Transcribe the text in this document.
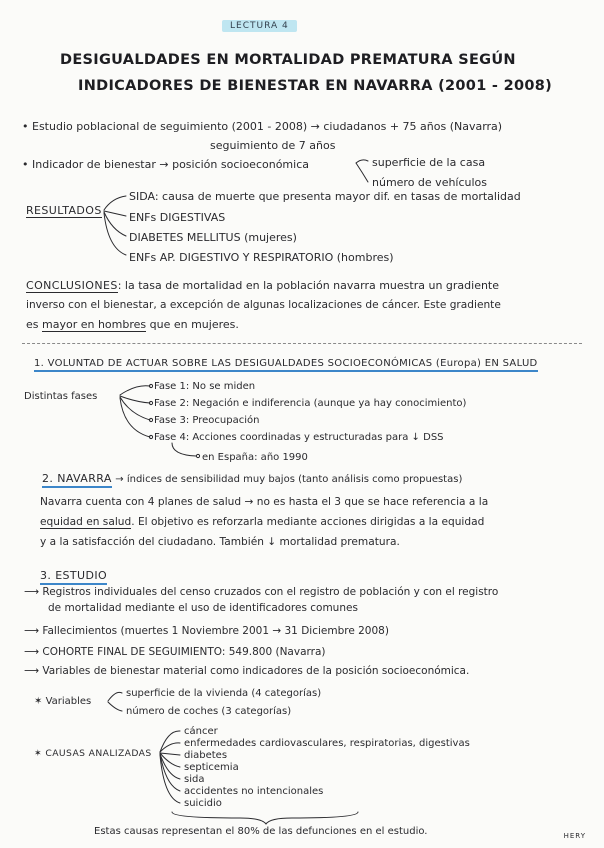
LECTURA 4
DESIGUALDADES EN MORTALIDAD PREMATURA SEGÚN
INDICADORES DE BIENESTAR EN NAVARRA (2001 - 2008)
• Estudio poblacional de seguimiento (2001 - 2008) → ciudadanos + 75 años (Navarra)
seguimiento de 7 años
• Indicador de bienestar → posición socioeconómica	superficie de la casa
número de vehículos
RESULTADOS
SIDA: causa de muerte que presenta mayor dif. en tasas de mortalidad
ENFs DIGESTIVAS
DIABETES MELLITUS (mujeres)
ENFs AP. DIGESTIVO Y RESPIRATORIO (hombres)
CONCLUSIONES: la tasa de mortalidad en la población navarra muestra un gradiente
inverso con el bienestar, a excepción de algunas localizaciones de cáncer. Este gradiente
es mayor en hombres que en mujeres.
1. VOLUNTAD DE ACTUAR SOBRE LAS DESIGUALDADES SOCIOECONÓMICAS (Europa) EN SALUD
Distintas fases
Fase 1: No se miden
Fase 2: Negación e indiferencia (aunque ya hay conocimiento)
Fase 3: Preocupación
Fase 4: Acciones coordinadas y estructuradas para ↓ DSS
en España: año 1990
2. NAVARRA → índices de sensibilidad muy bajos (tanto análisis como propuestas)
Navarra cuenta con 4 planes de salud → no es hasta el 3 que se hace referencia a la
equidad en salud. El objetivo es reforzarla mediante acciones dirigidas a la equidad
y a la satisfacción del ciudadano. También ↓ mortalidad prematura.
3. ESTUDIO
⟶ Registros individuales del censo cruzados con el registro de población y con el registro
de mortalidad mediante el uso de identificadores comunes
⟶ Fallecimientos (muertes 1 Noviembre 2001 → 31 Diciembre 2008)
⟶ COHORTE FINAL DE SEGUIMIENTO: 549.800 (Navarra)
⟶ Variables de bienestar material como indicadores de la posición socioeconómica.
✶ Variables
superficie de la vivienda (4 categorías)
número de coches (3 categorías)
✶ CAUSAS ANALIZADAS
cáncer
enfermedades cardiovasculares, respiratorias, digestivas
diabetes
septicemia
sida
accidentes no intencionales
suicidio
Estas causas representan el 80% de las defunciones en el estudio.	HERY
